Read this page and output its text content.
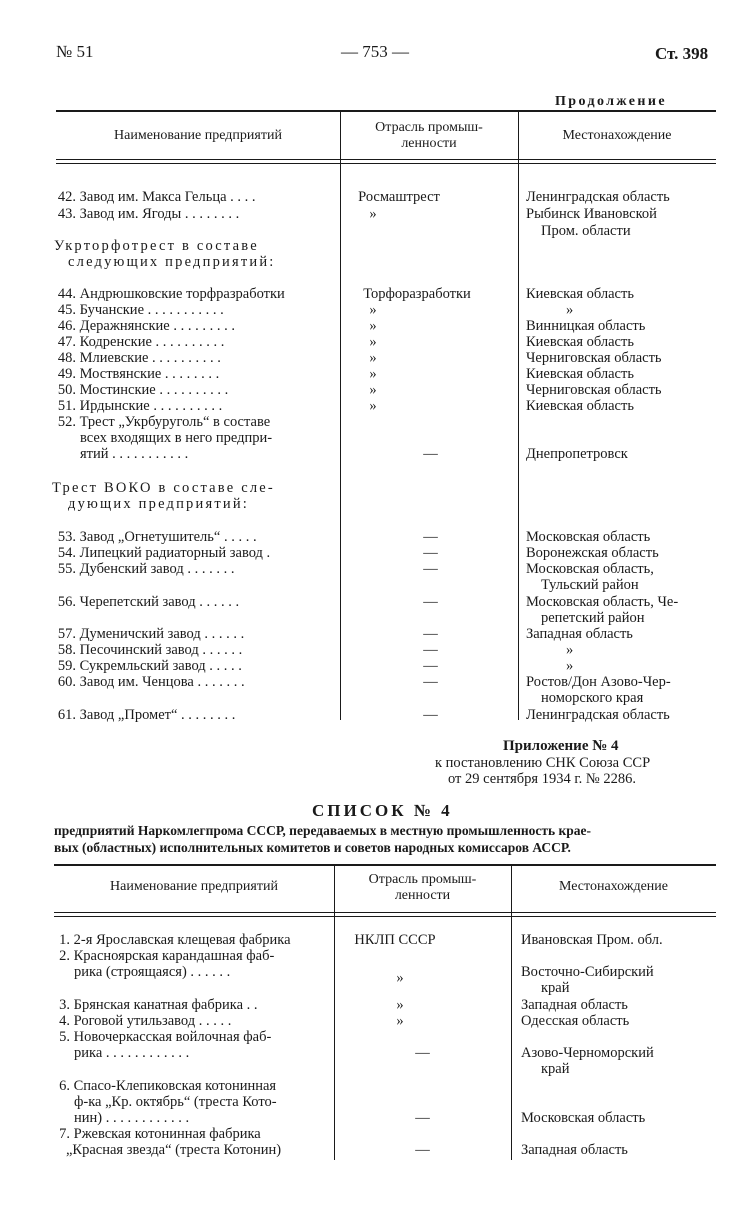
№ 51	— 753 —	Ст. 398
Продолжение
Наименование предприятий
Отрасль промыш-
ленности
Местонахождение
42. Завод им. Макса Гельца . . . .	Росмаштрест	Ленинградская область
43. Завод им. Ягоды . . . . . . . .	»	Рыбинск Ивановской
Пром. области
Укрторфотрест в составе
следующих предприятий:
44. Андрюшковские торфразработки	Торфоразработки	Киевская область
45. Бучанские . . . . . . . . . . .	»	»
46. Деражнянские . . . . . . . . .	»	Винницкая область
47. Кодренские . . . . . . . . . .	»	Киевская область
48. Млиевские . . . . . . . . . .	»	Черниговская область
49. Моствянские . . . . . . . .	»	Киевская область
50. Мостинские . . . . . . . . . .	»	Черниговская область
51. Ирдынские . . . . . . . . . .	»	Киевская область
52. Трест „Укрбуруголь“ в составе
всех входящих в него предпри-
ятий . . . . . . . . . . .	—	Днепропетровск
Трест ВОКО в составе сле-
дующих предприятий:
53. Завод „Огнетушитель“ . . . . .	—	Московская область
54. Липецкий радиаторный завод .	—	Воронежская область
55. Дубенский завод . . . . . . .	—	Московская область,
Тульский район
56. Черепетский завод . . . . . .	—	Московская область, Че-
репетский район
57. Думеничский завод . . . . . .	—	Западная область
58. Песочинский завод . . . . . .	—	»
59. Сукремльский завод . . . . .	—	»
60. Завод им. Ченцова . . . . . . .	—	Ростов/Дон Азово-Чер-
номорского края
61. Завод „Промет“ . . . . . . . .	—	Ленинградская область
Приложение № 4
к постановлению СНК Союза ССР
от 29 сентября 1934 г. № 2286.
СПИСОК № 4
предприятий Наркомлегпрома СССР, передаваемых в местную промышленность крае-
вых (областных) исполнительных комитетов и советов народных комиссаров АССР.
Наименование предприятий	Отрасль промыш-
ленности
Местонахождение
1. 2-я Ярославская клещевая фабрика	НКЛП СССР	Ивановская Пром. обл.
2. Красноярская карандашная фаб-
рика (строящаяся) . . . . . .	»	Восточно-Сибирский
край
3. Брянская канатная фабрика . .	»	Западная область
4. Роговой утильзавод . . . . .	»	Одесская область
5. Новочеркасская войлочная фаб-
рика . . . . . . . . . . . .	—	Азово-Черноморский
край
6. Спасо-Клепиковская котонинная
ф-ка „Кр. октябрь“ (треста Кото-
нин) . . . . . . . . . . . .	—	Московская область
7. Ржевская котонинная фабрика
„Красная звезда“ (треста Котонин)	—	Западная область
